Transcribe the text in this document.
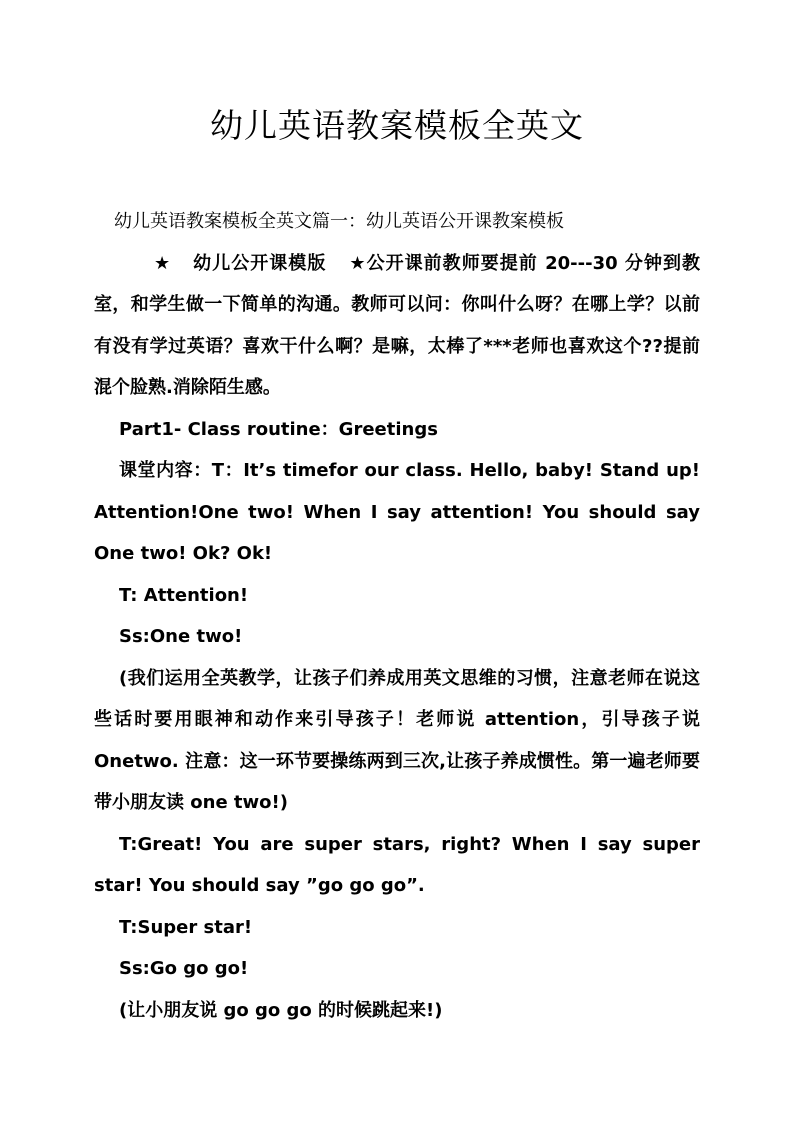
幼儿英语教案模板全英文

幼儿英语教案模板全英文篇一：幼儿英语公开课教案模板

★ 幼儿公开课模版 ★公开课前教师要提前 20---30 分钟到教室，和学生做一下简单的沟通。教师可以问：你叫什么呀？在哪上学？以前有没有学过英语？喜欢干什么啊？是嘛，太棒了***老师也喜欢这个??提前混个脸熟.消除陌生感。

Part1- Class routine：Greetings

课堂内容：T：It’s timefor our class. Hello, baby! Stand up! Attention!One two! When I say attention! You should say One two! Ok? Ok!

T: Attention!

Ss:One two!

(我们运用全英教学，让孩子们养成用英文思维的习惯，注意老师在说这些话时要用眼神和动作来引导孩子！老师说 attention，引导孩子说 Onetwo. 注意：这一环节要操练两到三次,让孩子养成惯性。第一遍老师要带小朋友读 one two!)

T:Great! You are super stars, right? When I say super star! You should say ”go go go”.

T:Super star!

Ss:Go go go!

(让小朋友说 go go go 的时候跳起来!)
